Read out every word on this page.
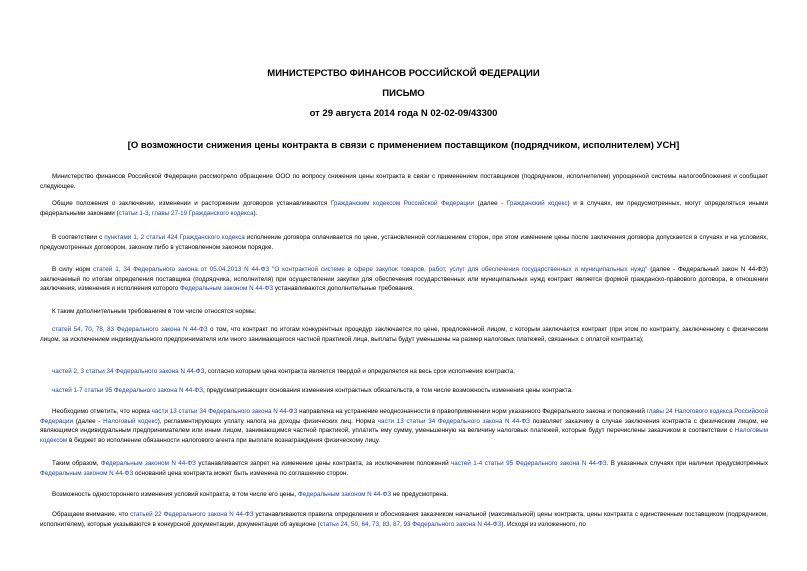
МИНИСТЕРСТВО ФИНАНСОВ РОССИЙСКОЙ ФЕДЕРАЦИИ
ПИСЬМО
от 29 августа 2014 года N 02-02-09/43300
[О возможности снижения цены контракта в связи с применением поставщиком (подрядчиком, исполнителем) УСН]

Министерство финансов Российской Федерации рассмотрело обращение ООО по вопросу снижения цены контракта в связи с применением поставщиком (подрядчиком, исполнителем) упрощенной системы налогообложения и сообщает следующее.

Общие положения о заключении, изменении и расторжении договоров устанавливаются Гражданским кодексом Российской Федерации (далее - Гражданский кодекс) и в случаях, им предусмотренных, могут определяться иными федеральными законами (статьи 1-3, главы 27-19 Гражданского кодекса).

В соответствии с пунктами 1, 2 статьи 424 Гражданского кодекса исполнение договора оплачивается по цене, установленной соглашением сторон, при этом изменение цены после заключения договора допускается в случаях и на условиях, предусмотренных договором, законом либо в установленном законом порядке.

В силу норм статей 1, 34 Федерального закона от 05.04.2013 N 44-ФЗ "О контрактной системе в сфере закупок товаров, работ, услуг для обеспечения государственных и муниципальных нужд" (далее - Федеральный закон N 44-ФЗ) заключаемый по итогам определения поставщика (подрядчика, исполнителя) при осуществлении закупки для обеспечения государственных или муниципальных нужд контракт является формой гражданско-правового договора, в отношении заключения, изменения и исполнения которого Федеральным законом N 44-ФЗ устанавливаются дополнительные требования.

К таким дополнительным требованиям в том числе относятся нормы:

статей 54, 70, 78, 83 Федерального закона N 44-ФЗ о том, что контракт по итогам конкурентных процедур заключается по цене, предложенной лицом, с которым заключается контракт (при этом по контракту, заключенному с физическим лицом, за исключением индивидуального предпринимателя или иного занимающегося частной практикой лица, выплаты будут уменьшены на размер налоговых платежей, связанных с оплатой контракта);

частей 2, 3 статьи 34 Федерального закона N 44-ФЗ, согласно которым цена контракта является твердой и определяется на весь срок исполнения контракта;

частей 1-7 статьи 95 Федерального закона N 44-ФЗ, предусматривающих основания изменения контрактных обязательств, в том числе возможность изменения цены контракта.

Необходимо отметить, что норма части 13 статьи 34 Федерального закона N 44-ФЗ направлена на устранение неоднозначности в правоприменении норм указанного Федерального закона и положений главы 24 Налогового кодекса Российской Федерации (далее - Налоговый кодекс), регламентирующих уплату налога на доходы физических лиц. Норма части 13 статьи 34 Федерального закона N 44-ФЗ позволяет заказчику в случае заключения контракта с физическим лицом, не являющимся индивидуальным предпринимателем или иным лицом, занимающимся частной практикой, уплатить ему сумму, уменьшенную на величину налоговых платежей, которые будут перечислены заказчиком в соответствии с Налоговым кодексом в бюджет во исполнение обязанности налогового агента при выплате вознаграждения физическому лицу.

Таким образом, Федеральным законом N 44-ФЗ устанавливается запрет на изменение цены контракта, за исключением положений частей 1-4 статьи 95 Федерального закона N 44-ФЗ. В указанных случаях при наличии предусмотренных Федеральным законом N 44-ФЗ оснований цена контракта может быть изменена по соглашению сторон.

Возможность одностороннего изменения условий контракта, в том числе его цены, Федеральным законом N 44-ФЗ не предусмотрена.

Обращаем внимание, что статьей 22 Федерального закона N 44-ФЗ устанавливаются правила определения и обоснования заказчиком начальной (максимальной) цены контракта, цены контракта с единственным поставщиком (подрядчиком, исполнителем), которые указываются в конкурсной документации, документации об аукционе (статьи 24, 50, 64, 73, 83, 87, 93 Федерального закона N 44-ФЗ). Исходя из изложенного, по
